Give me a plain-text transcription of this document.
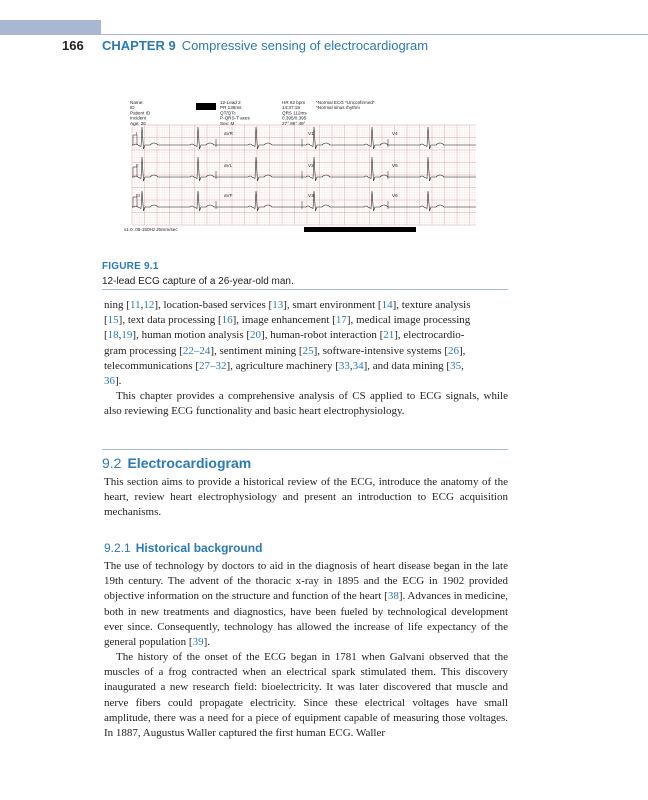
166 CHAPTER 9 Compressive sensing of electrocardiogram
Name:
ID
Patient ID
Incident
Age: 26
12-Lead 2
PR 136ms
QT/QTc
P-QRS-T axes
Sex: M
HR 62 bpm
14:37:18
QRS 112ms
0.395/0.395
27° 88° 49°
*Normal ECG *Unconfirmed*
*Normal sinus rhythm
I	aVR	V1	V4
II	aVL	V2	V5
III	aVF	V3	V6
x1.0 .05-150Hz 25mm/sec
FIGURE 9.1
12-lead ECG capture of a 26-year-old man.

ning [11,12], location-based services [13], smart environment [14], texture analysis
[15], text data processing [16], image enhancement [17], medical image processing
[18,19], human motion analysis [20], human-robot interaction [21], electrocardio-
gram processing [22–24], sentiment mining [25], software-intensive systems [26],
telecommunications [27–32], agriculture machinery [33,34], and data mining [35,
36].

This chapter provides a comprehensive analysis of CS applied to ECG signals, while also reviewing ECG functionality and basic heart electrophysiology.

9.2 Electrocardiogram

This section aims to provide a historical review of the ECG, introduce the anatomy of the heart, review heart electrophysiology and present an introduction to ECG acquisition mechanisms.

9.2.1 Historical background

The use of technology by doctors to aid in the diagnosis of heart disease began in the late 19th century. The advent of the thoracic x-ray in 1895 and the ECG in 1902 provided objective information on the structure and function of the heart [38]. Advances in medicine, both in new treatments and diagnostics, have been fueled by technological development ever since. Consequently, technology has allowed the increase of life expectancy of the general population [39].

The history of the onset of the ECG began in 1781 when Galvani observed that the muscles of a frog contracted when an electrical spark stimulated them. This discovery inaugurated a new research field: bioelectricity. It was later discovered that muscle and nerve fibers could propagate electricity. Since these electrical voltages have small amplitude, there was a need for a piece of equipment capable of measuring those voltages. In 1887, Augustus Waller captured the first human ECG. Waller
